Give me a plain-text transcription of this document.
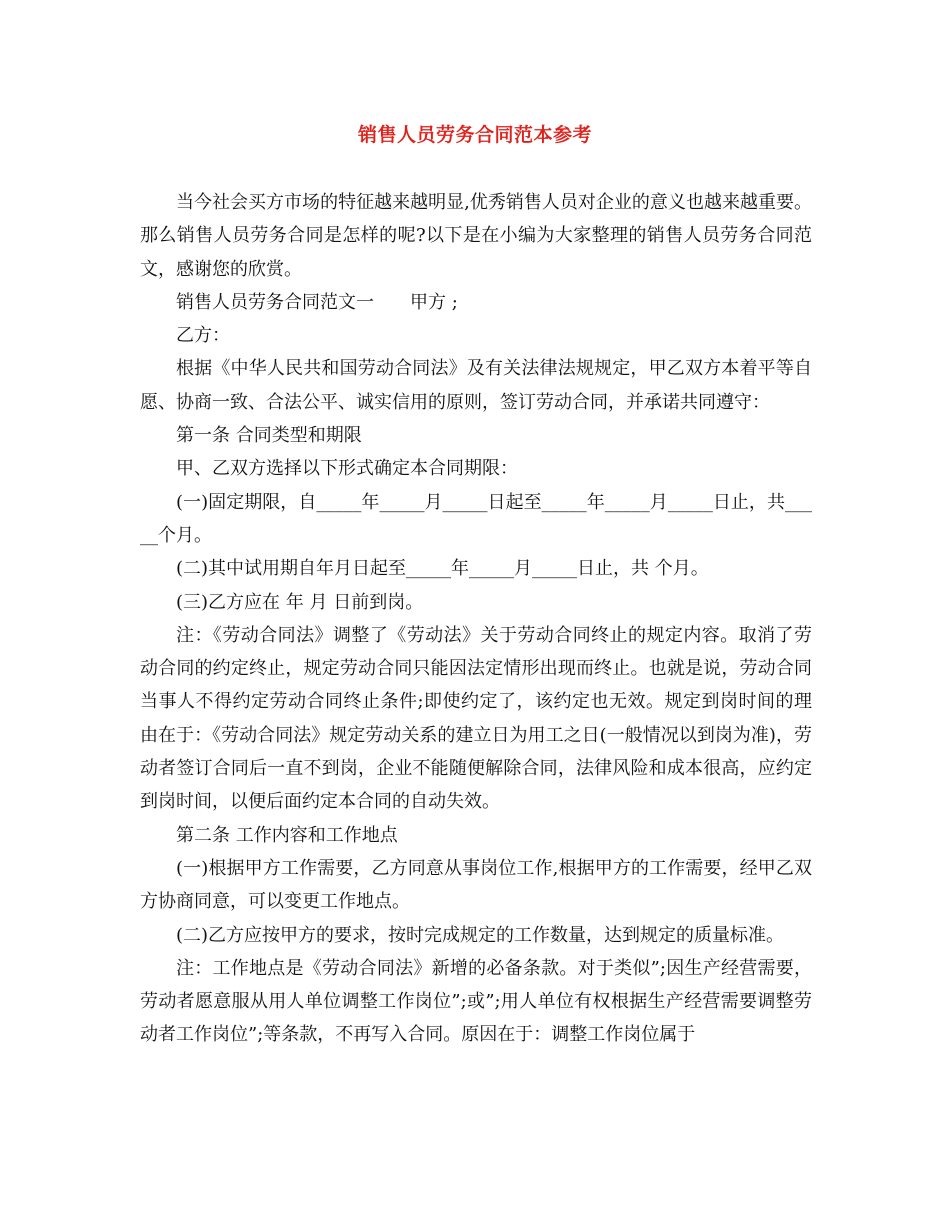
销售人员劳务合同范本参考

当今社会买方市场的特征越来越明显,优秀销售人员对企业的意义也越来越重要。那么销售人员劳务合同是怎样的呢?以下是在小编为大家整理的销售人员劳务合同范文，感谢您的欣赏。

销售人员劳务合同范文一　　甲方 ;

乙方：

根据《中华人民共和国劳动合同法》及有关法律法规规定，甲乙双方本着平等自愿、协商一致、合法公平、诚实信用的原则，签订劳动合同，并承诺共同遵守：

第一条 合同类型和期限

甲、乙双方选择以下形式确定本合同期限：

(一)固定期限，自_____年_____月_____日起至_____年_____月_____日止，共_____个月。

(二)其中试用期自年月日起至_____年_____月_____日止，共 个月。

(三)乙方应在 年 月 日前到岗。

注：《劳动合同法》调整了《劳动法》关于劳动合同终止的规定内容。取消了劳动合同的约定终止，规定劳动合同只能因法定情形出现而终止。也就是说，劳动合同当事人不得约定劳动合同终止条件;即使约定了，该约定也无效。规定到岗时间的理由在于：《劳动合同法》规定劳动关系的建立日为用工之日(一般情况以到岗为准)，劳动者签订合同后一直不到岗，企业不能随便解除合同，法律风险和成本很高，应约定到岗时间，以便后面约定本合同的自动失效。

第二条 工作内容和工作地点

(一)根据甲方工作需要，乙方同意从事岗位工作,根据甲方的工作需要，经甲乙双方协商同意，可以变更工作地点。

(二)乙方应按甲方的要求，按时完成规定的工作数量，达到规定的质量标准。

注：工作地点是《劳动合同法》新增的必备条款。对于类似”;因生产经营需要，劳动者愿意服从用人单位调整工作岗位”;或”;用人单位有权根据生产经营需要调整劳动者工作岗位”;等条款，不再写入合同。原因在于：调整工作岗位属于
